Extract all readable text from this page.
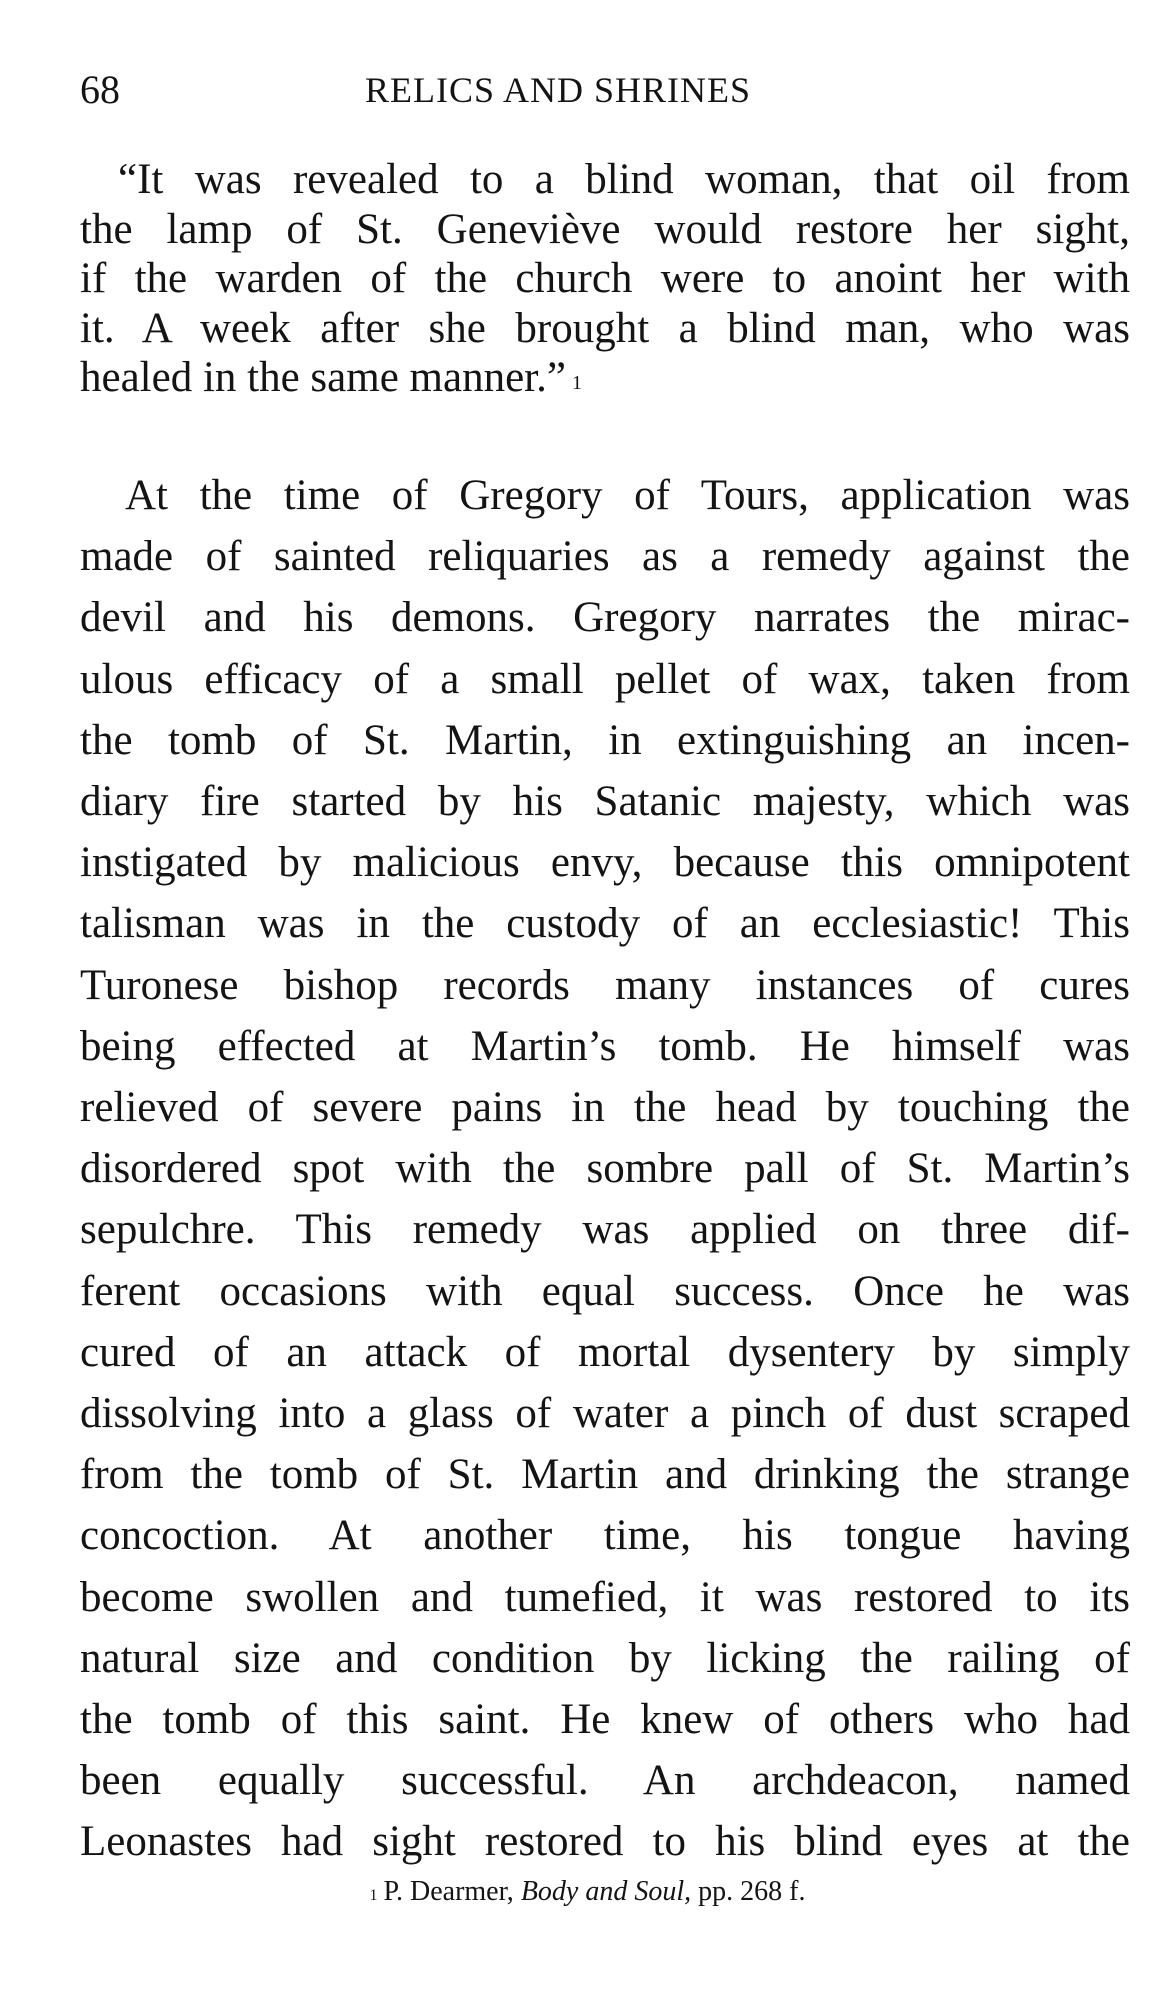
68	RELICS AND SHRINES
“It was revealed to a blind woman, that oil from
the lamp of St. Geneviève would restore her sight,
if the warden of the church were to anoint her with
it. A week after she brought a blind man, who was
healed in the same manner.” $^1$
At the time of Gregory of Tours, application was
made of sainted reliquaries as a remedy against the
devil and his demons. Gregory narrates the mirac-
ulous efficacy of a small pellet of wax, taken from
the tomb of St. Martin, in extinguishing an incen-
diary fire started by his Satanic majesty, which was
instigated by malicious envy, because this omnipotent
talisman was in the custody of an ecclesiastic! This
Turonese bishop records many instances of cures
being effected at Martin’s tomb. He himself was
relieved of severe pains in the head by touching the
disordered spot with the sombre pall of St. Martin’s
sepulchre. This remedy was applied on three dif-
ferent occasions with equal success. Once he was
cured of an attack of mortal dysentery by simply
dissolving into a glass of water a pinch of dust scraped
from the tomb of St. Martin and drinking the strange
concoction. At another time, his tongue having
become swollen and tumefied, it was restored to its
natural size and condition by licking the railing of
the tomb of this saint. He knew of others who had
been equally successful. An archdeacon, named
Leonastes had sight restored to his blind eyes at the
$^1$ P. Dearmer, Body and Soul, pp. 268 f.
